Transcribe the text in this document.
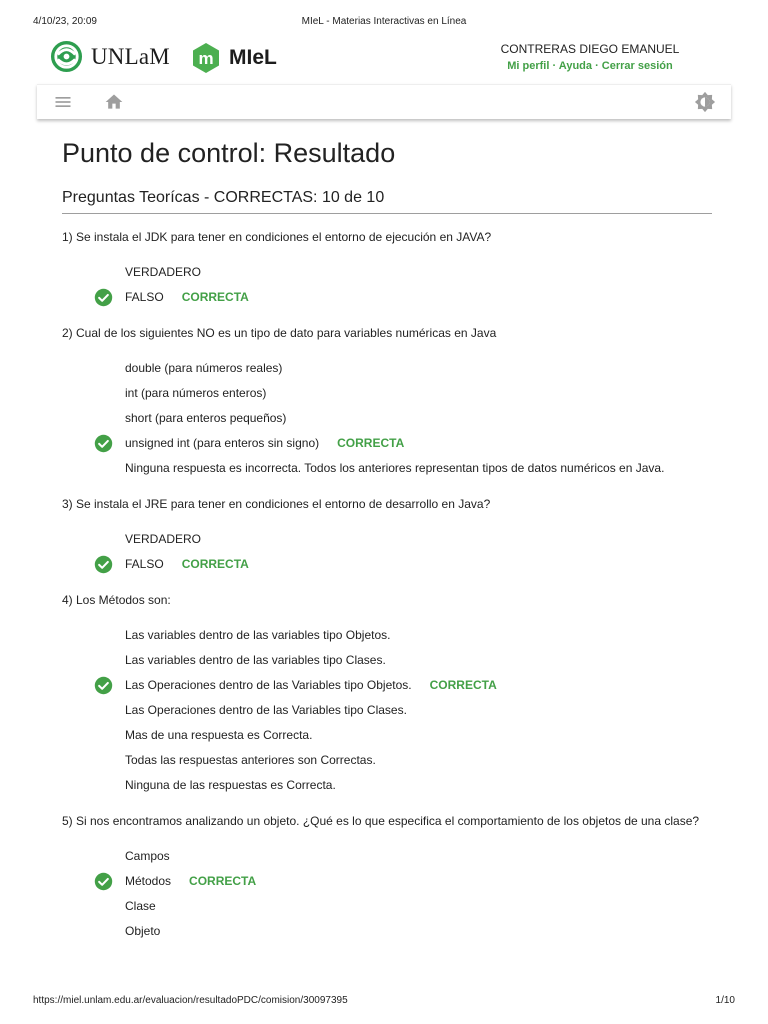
4/10/23, 20:09	MIeL - Materias Interactivas en Línea
UNLaM m MIeL	CONTRERAS DIEGO EMANUEL
Mi perfil · Ayuda · Cerrar sesión
Punto de control: Resultado
Preguntas Teorícas - CORRECTAS: 10 de 10
1) Se instala el JDK para tener en condiciones el entorno de ejecución en JAVA?
VERDADERO
FALSO CORRECTA
2) Cual de los siguientes NO es un tipo de dato para variables numéricas en Java
double (para números reales)
int (para números enteros)
short (para enteros pequeños)
unsigned int (para enteros sin signo) CORRECTA
Ninguna respuesta es incorrecta. Todos los anteriores representan tipos de datos numéricos en Java.
3) Se instala el JRE para tener en condiciones el entorno de desarrollo en Java?
VERDADERO
FALSO CORRECTA
4) Los Métodos son:
Las variables dentro de las variables tipo Objetos.
Las variables dentro de las variables tipo Clases.
Las Operaciones dentro de las Variables tipo Objetos. CORRECTA
Las Operaciones dentro de las Variables tipo Clases.
Mas de una respuesta es Correcta.
Todas las respuestas anteriores son Correctas.
Ninguna de las respuestas es Correcta.
5) Si nos encontramos analizando un objeto. ¿Qué es lo que especifica el comportamiento de los objetos de una clase?
Campos
Métodos CORRECTA
Clase
Objeto
https://miel.unlam.edu.ar/evaluacion/resultadoPDC/comision/30097395	1/10
